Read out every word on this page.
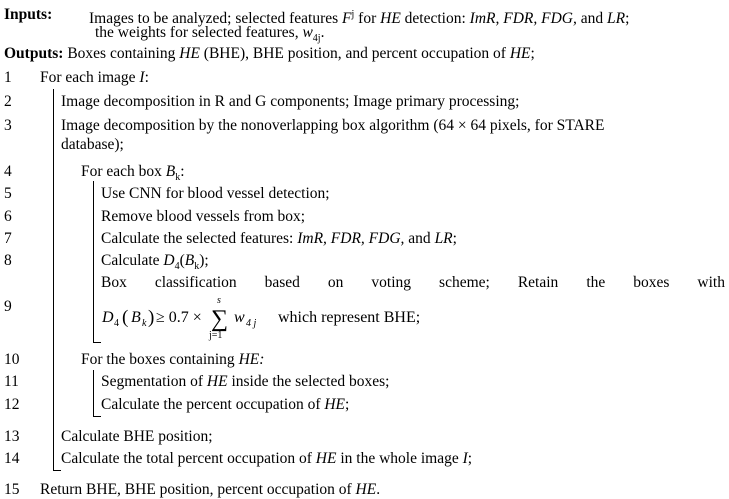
Inputs: Images to be analyzed; selected features $F^j$ for HE detection: ImR, FDR, FDG, and LR;
the weights for selected features, $w_{4j}$.
Outputs: Boxes containing HE (BHE), BHE position, and percent occupation of HE;
1
2
3
4
5
6
7
8
9
10
11
12
13
14
15
For each image I:
Image decomposition in R and G components; Image primary processing;
Image decomposition by the nonoverlapping box algorithm (64 × 64 pixels, for STARE
database);
For each box $B_k$:
Use CNN for blood vessel detection;
Remove blood vessels from box;
Calculate the selected features: ImR, FDR, FDG, and LR;
Calculate $D_4(B_k)$;
Box classification based on voting scheme; Retain the boxes with
D 4 ( B k ) ≥ 0.7 ×
s
∑
j=1
w 4 j which represent BHE;
For the boxes containing HE:
Segmentation of HE inside the selected boxes;
Calculate the percent occupation of HE;
Calculate BHE position;
Calculate the total percent occupation of HE in the whole image I;
Return BHE, BHE position, percent occupation of HE.
